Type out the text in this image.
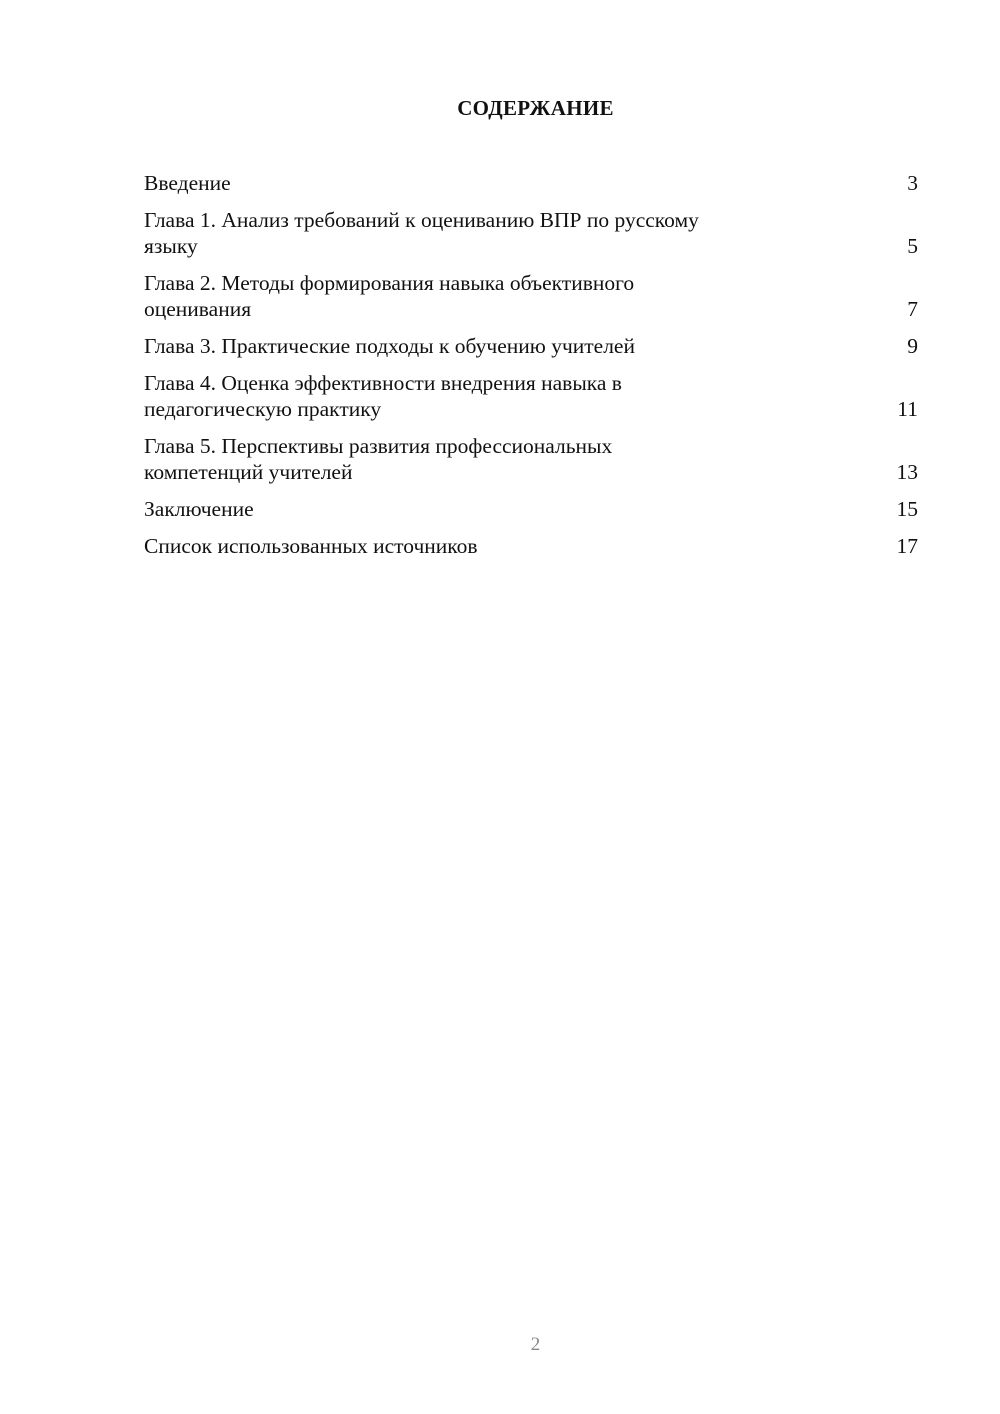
СОДЕРЖАНИЕ
Введение	3
Глава 1. Анализ требований к оцениванию ВПР по русскому
языку	5
Глава 2. Методы формирования навыка объективного
оценивания	7
Глава 3. Практические подходы к обучению учителей	9
Глава 4. Оценка эффективности внедрения навыка в
педагогическую практику	11
Глава 5. Перспективы развития профессиональных
компетенций учителей	13
Заключение	15
Список использованных источников	17
2
